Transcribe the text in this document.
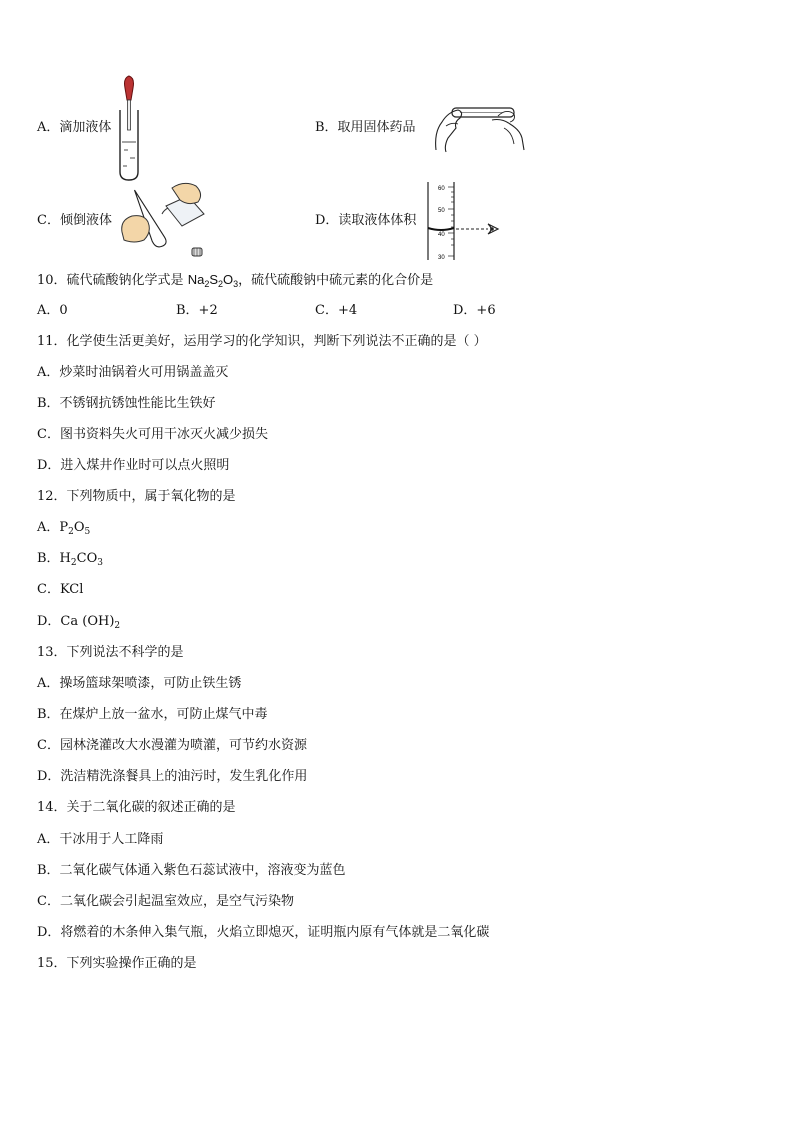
A．滴加液体	B．取用固体药品
C．倾倒液体	D．读取液体体积
60
50
40
30
10．硫代硫酸钠化学式是 $Na_2S_2O_3$，硫代硫酸钠中硫元素的化合价是
A．0	B．+2	C．+4	D．+6
11．化学使生活更美好，运用学习的化学知识，判断下列说法不正确的是（ ）
A．炒菜时油锅着火可用锅盖盖灭
B．不锈钢抗锈蚀性能比生铁好
C．图书资料失火可用干冰灭火减少损失
D．进入煤井作业时可以点火照明
12．下列物质中，属于氧化物的是
A．$P_2O_5$
B．$H_2CO_3$
C．KCl
D．Ca $(OH)_2$
13．下列说法不科学的是
A．操场篮球架喷漆，可防止铁生锈
B．在煤炉上放一盆水，可防止煤气中毒
C．园林浇灌改大水漫灌为喷灌，可节约水资源
D．洗洁精洗涤餐具上的油污时，发生乳化作用
14．关于二氧化碳的叙述正确的是
A．干冰用于人工降雨
B．二氧化碳气体通入紫色石蕊试液中，溶液变为蓝色
C．二氧化碳会引起温室效应，是空气污染物
D．将燃着的木条伸入集气瓶，火焰立即熄灭，证明瓶内原有气体就是二氧化碳
15．下列实验操作正确的是
